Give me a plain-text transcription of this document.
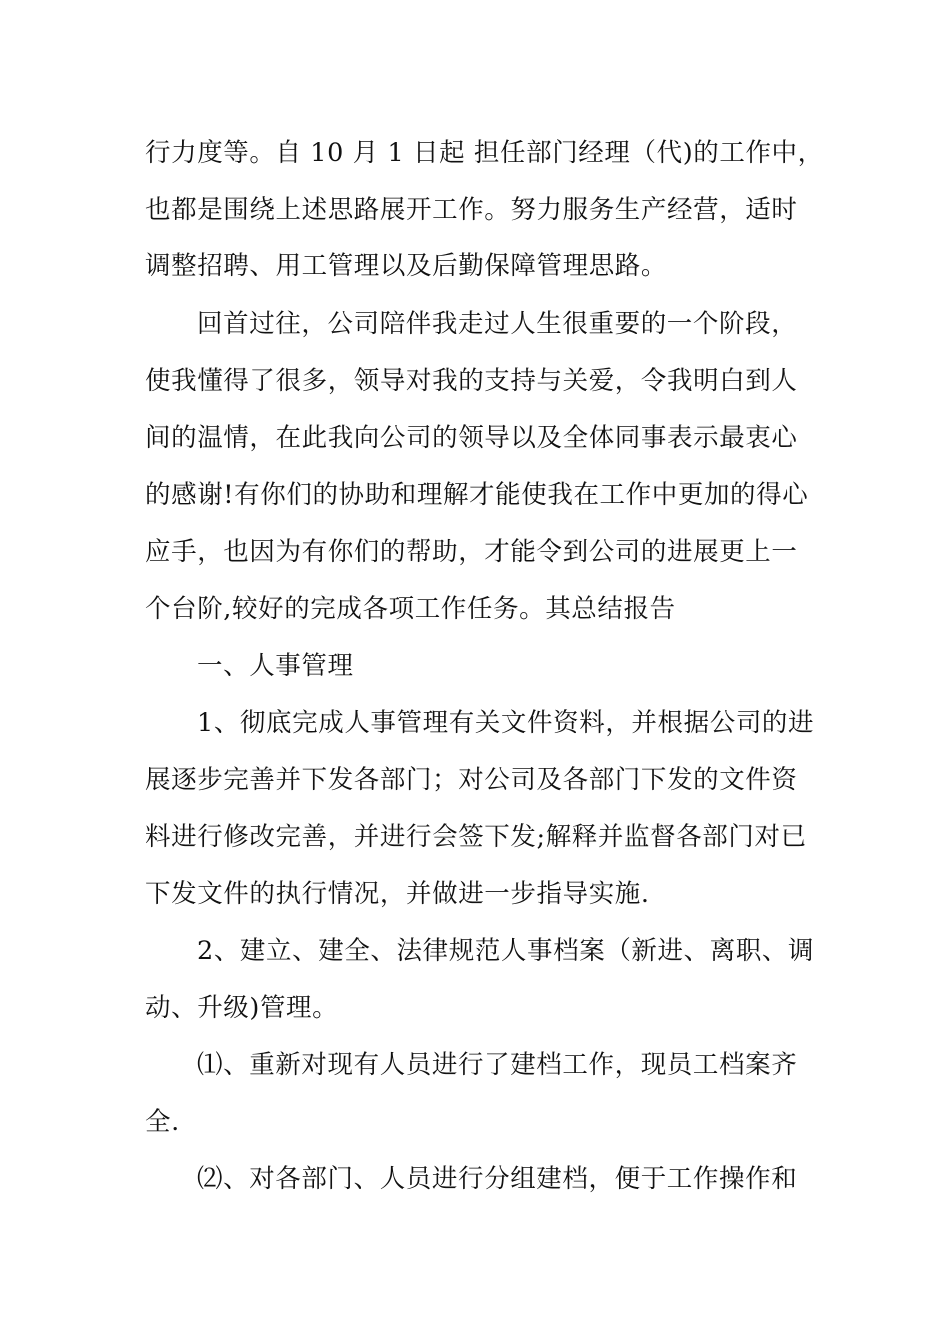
行力度等。自 10 月 1 日起 担任部门经理（代)的工作中，
也都是围绕上述思路展开工作。努力服务生产经营，适时
调整招聘、用工管理以及后勤保障管理思路。
回首过往，公司陪伴我走过人生很重要的一个阶段，
使我懂得了很多，领导对我的支持与关爱，令我明白到人
间的温情，在此我向公司的领导以及全体同事表示最衷心
的感谢!有你们的协助和理解才能使我在工作中更加的得心
应手，也因为有你们的帮助，才能令到公司的进展更上一
个台阶,较好的完成各项工作任务。其总结报告
一、人事管理
1、彻底完成人事管理有关文件资料，并根据公司的进
展逐步完善并下发各部门；对公司及各部门下发的文件资
料进行修改完善，并进行会签下发;解释并监督各部门对已
下发文件的执行情况，并做进一步指导实施.
2、建立、建全、法律规范人事档案（新进、离职、调
动、升级)管理。
⑴、重新对现有人员进行了建档工作，现员工档案齐
全.
⑵、对各部门、人员进行分组建档，便于工作操作和
